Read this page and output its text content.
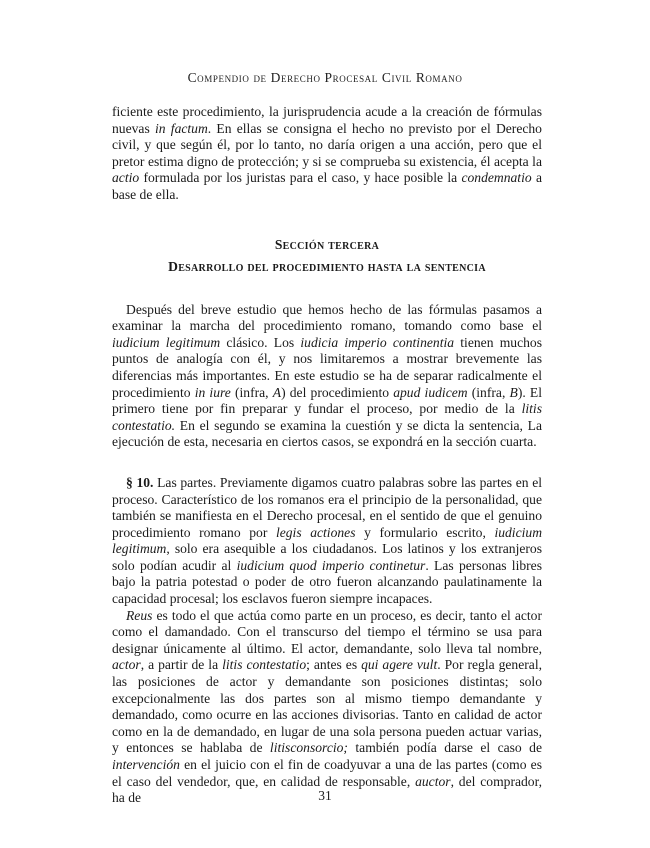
Compendio de Derecho Procesal Civil Romano

ficiente este procedimiento, la jurisprudencia acude a la creación de fórmulas nuevas in factum. En ellas se consigna el hecho no previsto por el Derecho civil, y que según él, por lo tanto, no daría origen a una acción, pero que el pretor estima digno de protección; y si se comprueba su existencia, él acepta la actio formulada por los juristas para el caso, y hace posible la condemnatio a base de ella.

Sección tercera
Desarrollo del procedimiento hasta la sentencia

Después del breve estudio que hemos hecho de las fórmulas pasamos a examinar la marcha del procedimiento romano, tomando como base el iudicium legitimum clásico. Los iudicia imperio continentia tienen muchos puntos de analogía con él, y nos limitaremos a mostrar brevemente las diferencias más importantes. En este estudio se ha de separar radicalmente el procedimiento in iure (infra, A) del procedimiento apud iudicem (infra, B). El primero tiene por fin preparar y fundar el proceso, por medio de la litis contestatio. En el segundo se examina la cuestión y se dicta la sentencia, La ejecución de esta, necesaria en ciertos casos, se expondrá en la sección cuarta.

§ 10. Las partes. Previamente digamos cuatro palabras sobre las partes en el proceso. Característico de los romanos era el principio de la personalidad, que también se manifiesta en el Derecho procesal, en el sentido de que el genuino procedimiento romano por legis actiones y formulario escrito, iudicium legitimum, solo era asequible a los ciudadanos. Los latinos y los extranjeros solo podían acudir al iudicium quod imperio continetur. Las personas libres bajo la patria potestad o poder de otro fueron alcanzando paulatinamente la capacidad procesal; los esclavos fueron siempre incapaces.

Reus es todo el que actúa como parte en un proceso, es decir, tanto el actor como el damandado. Con el transcurso del tiempo el término se usa para designar únicamente al último. El actor, demandante, solo lleva tal nombre, actor, a partir de la litis contestatio; antes es qui agere vult. Por regla general, las posiciones de actor y demandante son posiciones distintas; solo excepcionalmente las dos partes son al mismo tiempo demandante y demandado, como ocurre en las acciones divisorias. Tanto en calidad de actor como en la de demandado, en lugar de una sola persona pueden actuar varias, y entonces se hablaba de litisconsorcio; también podía darse el caso de intervención en el juicio con el fin de coadyuvar a una de las partes (como es el caso del vendedor, que, en calidad de responsable, auctor, del comprador, ha de	31
